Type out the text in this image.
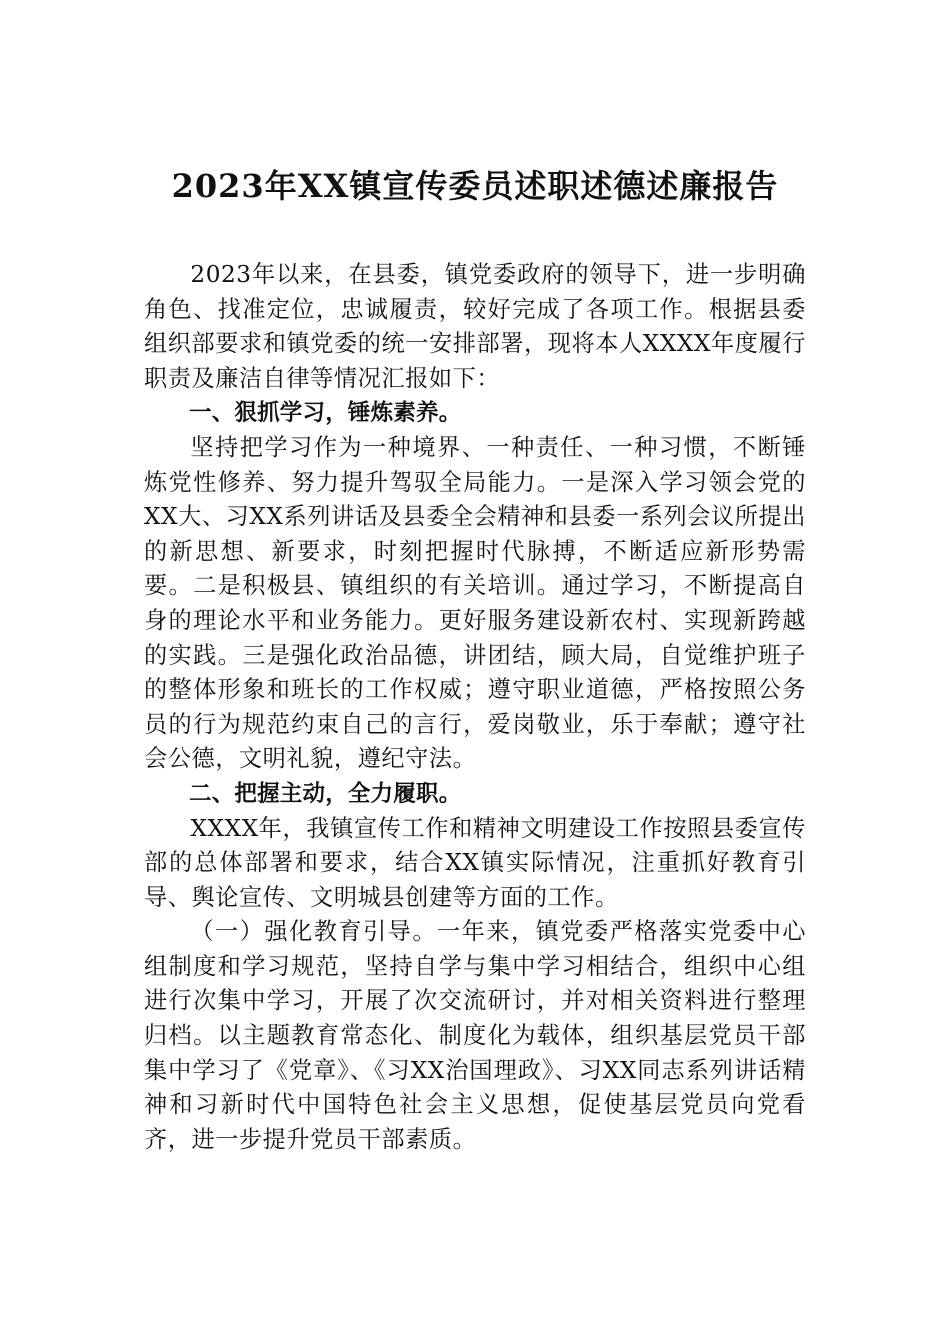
2023年XX镇宣传委员述职述德述廉报告

2023年以来，在县委，镇党委政府的领导下，进一步明确角色、找准定位，忠诚履责，较好完成了各项工作。根据县委组织部要求和镇党委的统一安排部署，现将本人XXXX年度履行职责及廉洁自律等情况汇报如下：

一、狠抓学习，锤炼素养。

坚持把学习作为一种境界、一种责任、一种习惯，不断锤炼党性修养、努力提升驾驭全局能力。一是深入学习领会党的XX大、习XX系列讲话及县委全会精神和县委一系列会议所提出的新思想、新要求，时刻把握时代脉搏，不断适应新形势需要。二是积极县、镇组织的有关培训。通过学习，不断提高自身的理论水平和业务能力。更好服务建设新农村、实现新跨越的实践。三是强化政治品德，讲团结，顾大局，自觉维护班子的整体形象和班长的工作权威；遵守职业道德，严格按照公务员的行为规范约束自己的言行，爱岗敬业，乐于奉献；遵守社会公德，文明礼貌，遵纪守法。

二、把握主动，全力履职。

XXXX年，我镇宣传工作和精神文明建设工作按照县委宣传部的总体部署和要求，结合XX镇实际情况，注重抓好教育引导、舆论宣传、文明城县创建等方面的工作。

（一）强化教育引导。一年来，镇党委严格落实党委中心组制度和学习规范，坚持自学与集中学习相结合，组织中心组进行次集中学习，开展了次交流研讨，并对相关资料进行整理归档。以主题教育常态化、制度化为载体，组织基层党员干部集中学习了《党章》、《习XX治国理政》、习XX同志系列讲话精神和习新时代中国特色社会主义思想，促使基层党员向党看齐，进一步提升党员干部素质。
